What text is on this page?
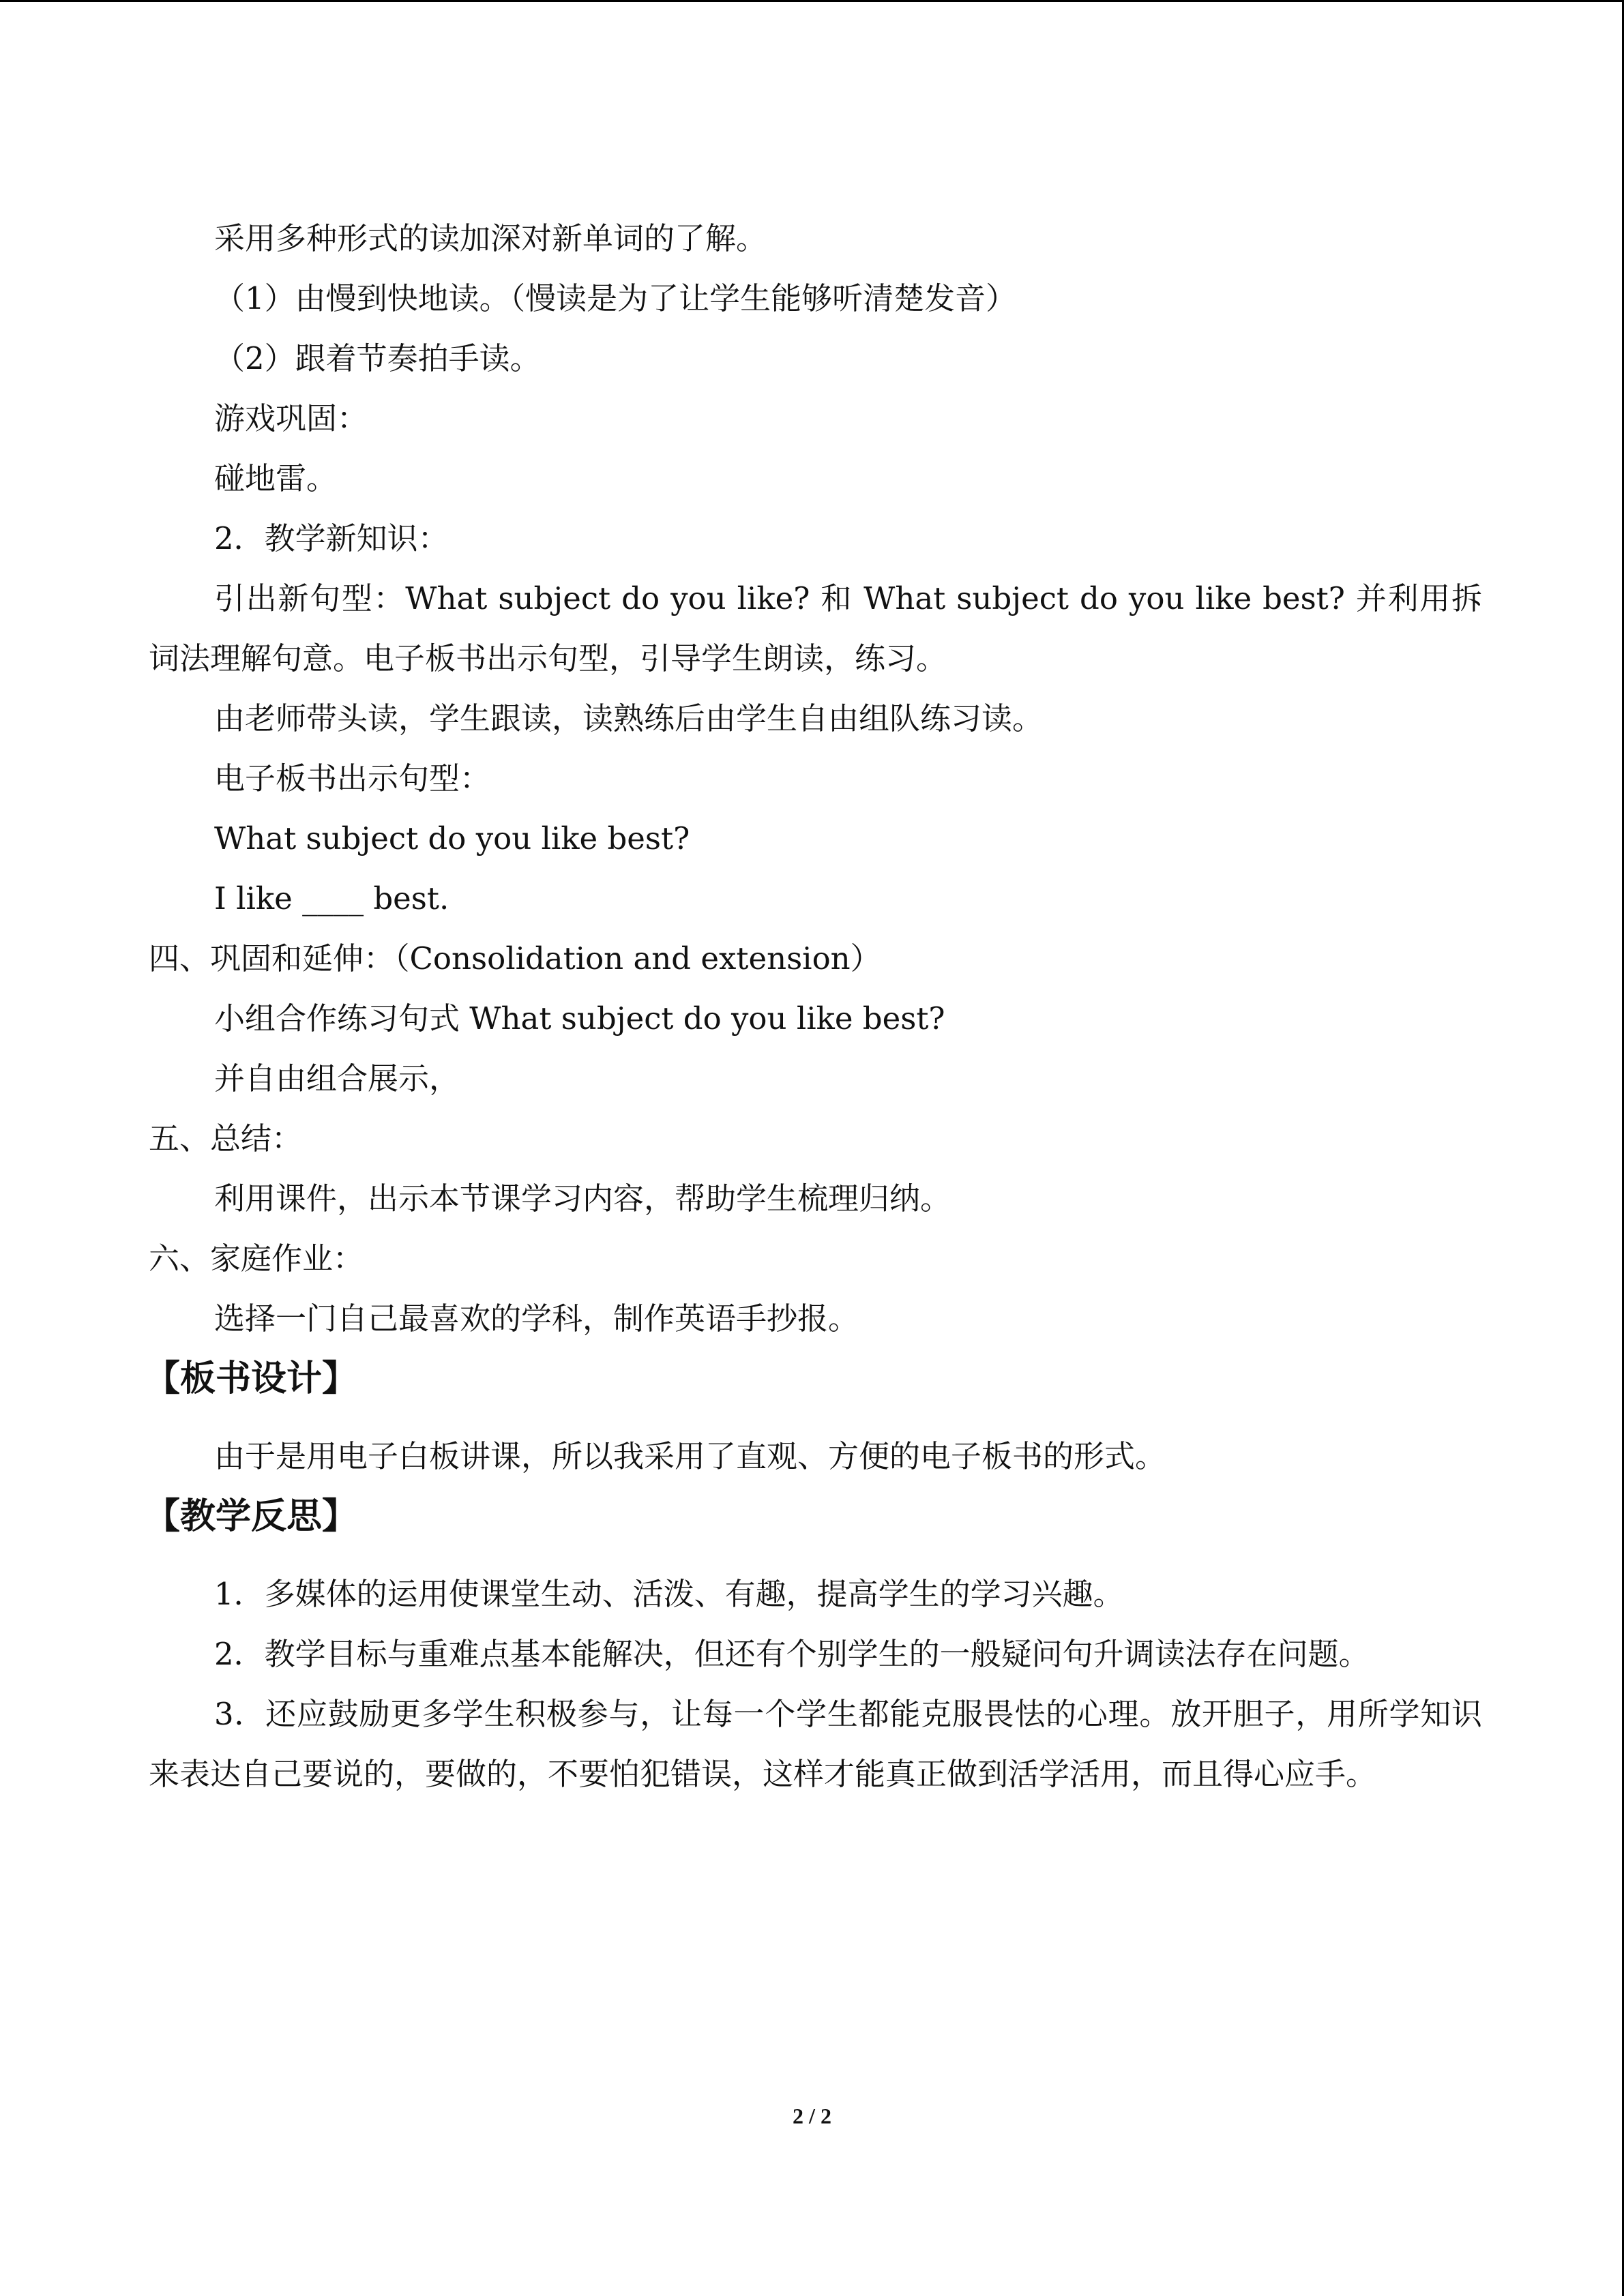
采用多种形式的读加深对新单词的了解。
（1）由慢到快地读。（慢读是为了让学生能够听清楚发音）
（2）跟着节奏拍手读。
游戏巩固：
碰地雷。
2．教学新知识：
引出新句型：What subject do you like? 和 What subject do you like best? 并利用拆词法理解句意。电子板书出示句型，引导学生朗读，练习。
由老师带头读，学生跟读，读熟练后由学生自由组队练习读。
电子板书出示句型：
What subject do you like best?
I like ____ best.
四、巩固和延伸：（Consolidation and extension）
小组合作练习句式 What subject do you like best?
并自由组合展示，
五、总结：
利用课件，出示本节课学习内容，帮助学生梳理归纳。
六、家庭作业：
选择一门自己最喜欢的学科，制作英语手抄报。
【板书设计】
由于是用电子白板讲课，所以我采用了直观、方便的电子板书的形式。
【教学反思】
1．多媒体的运用使课堂生动、活泼、有趣，提高学生的学习兴趣。
2．教学目标与重难点基本能解决，但还有个别学生的一般疑问句升调读法存在问题。
3．还应鼓励更多学生积极参与，让每一个学生都能克服畏怯的心理。放开胆子，用所学知识来表达自己要说的，要做的，不要怕犯错误，这样才能真正做到活学活用，而且得心应手。
2 / 2
